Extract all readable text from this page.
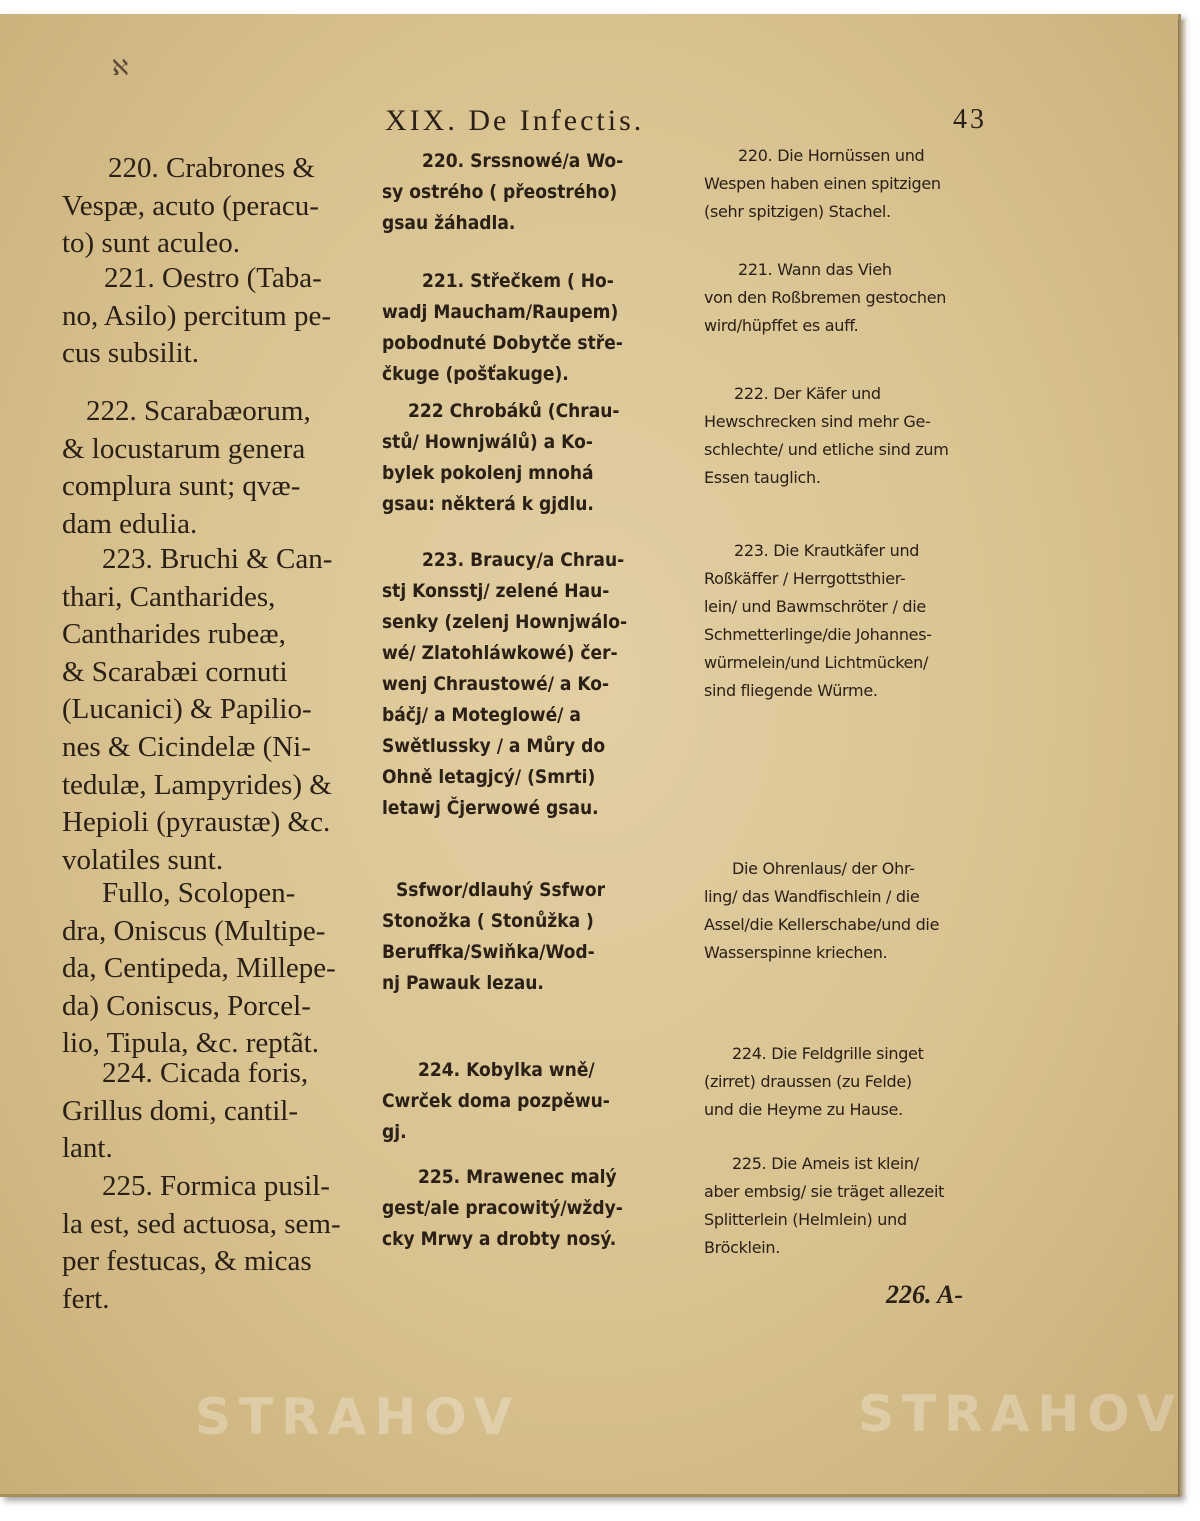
ℵ
XIX. De Infectis.	43
220. Crabrones &
Vespæ, acuto (peracu-
to) sunt aculeo.
221. Oestro (Taba-
no, Asilo) percitum pe-
cus subsilit.
222. Scarabæorum,
& locustarum genera
complura sunt; qvæ-
dam edulia.
223. Bruchi & Can-
thari, Cantharides,
Cantharides rubeæ,
& Scarabæi cornuti
(Lucanici) & Papilio-
nes & Cicindelæ (Ni-
tedulæ, Lampyrides) &
Hepioli (pyraustæ) &c.
volatiles sunt.
Fullo, Scolopen-
dra, Oniscus (Multipe-
da, Centipeda, Millepe-
da) Coniscus, Porcel-
lio, Tipula, &c. reptãt.
224. Cicada foris,
Grillus domi, cantil-
lant.
225. Formica pusil-
la est, sed actuosa, sem-
per festucas, & micas
fert.
220. Srssnowé/a Wo-
sy ostrého ( přeostrého)
gsau žáhadla.
221. Střečkem ( Ho-
wadj Maucham/Raupem)
pobodnuté Dobytče stře-
čkuge (pošťakuge).
222 Chrobáků (Chrau-
stů/ Hownjwálů) a Ko-
bylek pokolenj mnohá
gsau: některá k gjdlu.
223. Braucy/a Chrau-
stj Konsstj/ zelené Hau-
senky (zelenj Hownjwálo-
wé/ Zlatohláwkowé) čer-
wenj Chraustowé/ a Ko-
báčj/ a Moteglowé/ a
Swětlussky / a Můry do
Ohně letagjcý/ (Smrti)
letawj Čjerwowé gsau.
Ssfwor/dlauhý Ssfwor
Stonožka ( Stonůžka )
Beruffka/Swiňka/Wod-
nj Pawauk lezau.
224. Kobylka wně/
Cwrček doma pozpěwu-
gj.
225. Mrawenec malý
gest/ale pracowitý/wždy-
cky Mrwy a drobty nosý.
220. Die Hornüssen und
Wespen haben einen spitzigen
(sehr spitzigen) Stachel.
221. Wann das Vieh
von den Roßbremen gestochen
wird/hüpffet es auff.
222. Der Käfer und
Hewschrecken sind mehr Ge-
schlechte/ und etliche sind zum
Essen tauglich.
223. Die Krautkäfer und
Roßkäffer / Herrgottsthier-
lein/ und Bawmschröter / die
Schmetterlinge/die Johannes-
würmelein/und Lichtmücken/
sind fliegende Würme.
Die Ohrenlaus/ der Ohr-
ling/ das Wandfischlein / die
Assel/die Kellerschabe/und die
Wasserspinne kriechen.
224. Die Feldgrille singet
(zirret) draussen (zu Felde)
und die Heyme zu Hause.
225. Die Ameis ist klein/
aber embsig/ sie träget allezeit
Splitterlein (Helmlein) und
Bröcklein.
226. A-
STRAHOV	STRAHOV
